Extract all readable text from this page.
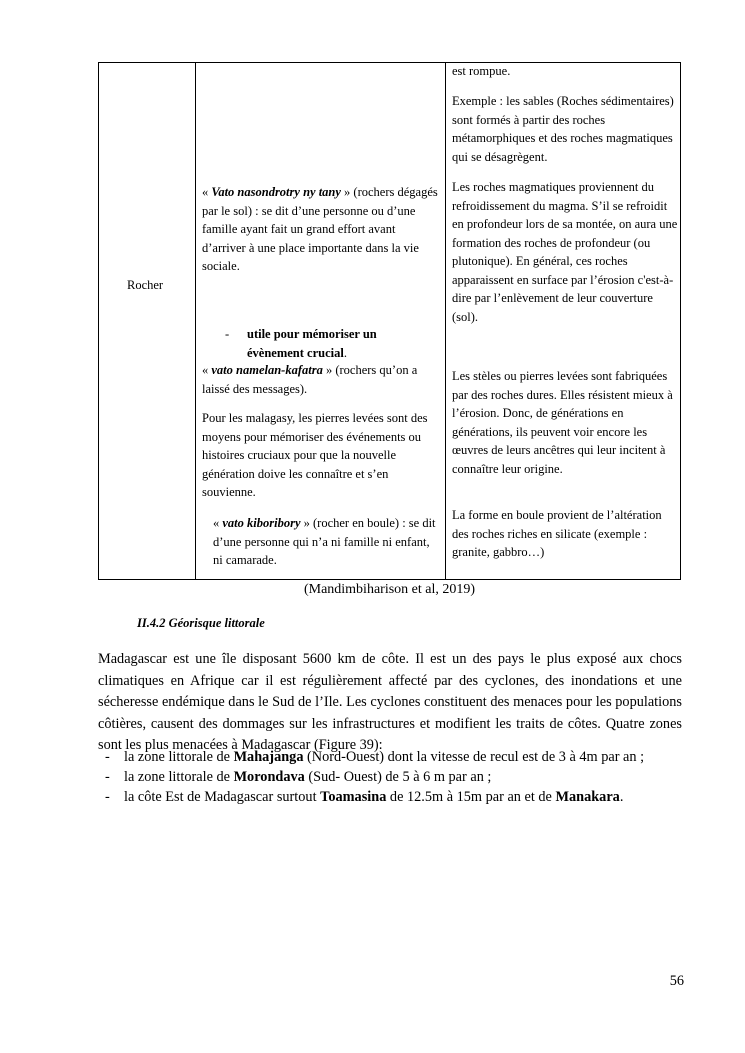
Rocher

« Vato nasondrotry ny tany » (rochers dégagés par le sol) : se dit d’une personne ou d’une famille ayant fait un grand effort avant d’arriver à une place importante dans la vie sociale.

-	utile pour mémoriser un évènement crucial.

« vato namelan-kafatra » (rochers qu’on a laissé des messages).

Pour les malagasy, les pierres levées sont des moyens pour mémoriser des événements ou histoires cruciaux pour que la nouvelle génération doive les connaître et s’en souvienne.

« vato kiboribory » (rocher en boule) : se dit d’une personne qui n’a ni famille ni enfant, ni camarade.

est rompue.
Exemple : les sables (Roches sédimentaires) sont formés à partir des roches métamorphiques et des roches magmatiques qui se désagrègent.
Les roches magmatiques proviennent du refroidissement du magma. S’il se refroidit en profondeur lors de sa montée, on aura une formation des roches de profondeur (ou plutonique). En général, ces roches apparaissent en surface par l’érosion c'est-à-dire par l’enlèvement de leur couverture (sol).
Les stèles ou pierres levées sont fabriquées par des roches dures. Elles résistent mieux à l’érosion. Donc, de générations en générations, ils peuvent voir encore les œuvres de leurs ancêtres qui leur incitent à connaître leur origine.
La forme en boule provient de l’altération des roches riches en silicate (exemple : granite, gabbro…)
(Mandimbiharison et al, 2019)
II.4.2 Géorisque littorale
Madagascar est une île disposant 5600 km de côte. Il est un des pays le plus exposé aux chocs climatiques en Afrique car il est régulièrement affecté par des cyclones, des inondations et une sécheresse endémique dans le Sud de l’Ile. Les cyclones constituent des menaces pour les populations côtières, causent des dommages sur les infrastructures et modifient les traits de côtes. Quatre zones sont les plus menacées à Madagascar (Figure 39):
- la zone littorale de Mahajanga (Nord-Ouest) dont la vitesse de recul est de 3 à 4m par an ;
- la zone littorale de Morondava (Sud- Ouest) de 5 à 6 m par an ;
- la côte Est de Madagascar surtout Toamasina de 12.5m à 15m par an et de Manakara.
56
